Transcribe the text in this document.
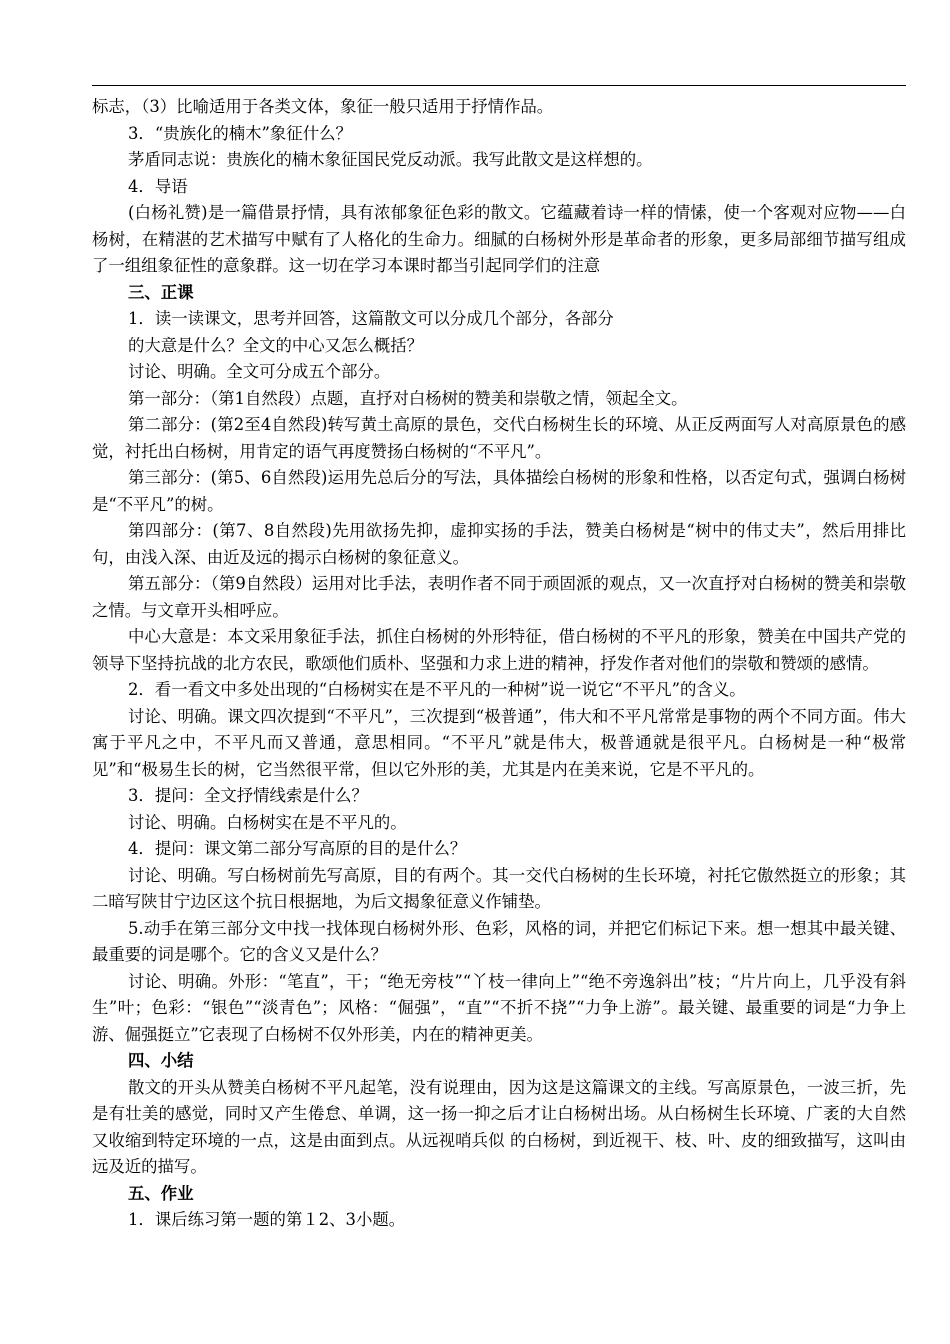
标志，（3）比喻适用于各类文体，象征一般只适用于抒情作品。

3．“贵族化的楠木”象征什么？

茅盾同志说：贵族化的楠木象征国民党反动派。我写此散文是这样想的。

4．导语

(白杨礼赞)是一篇借景抒情，具有浓郁象征色彩的散文。它蕴藏着诗一样的情愫，使一个客观对应物——白杨树，在精湛的艺术描写中赋有了人格化的生命力。细腻的白杨树外形是革命者的形象，更多局部细节描写组成了一组组象征性的意象群。这一切在学习本课时都当引起同学们的注意

三、正课

1．读一读课文，思考并回答，这篇散文可以分成几个部分，各部分

的大意是什么？全文的中心又怎么概括？

讨论、明确。全文可分成五个部分。

第一部分：（第1自然段）点题，直抒对白杨树的赞美和崇敬之情，领起全文。

第二部分：(第2至4自然段)转写黄土高原的景色，交代白杨树生长的环境、从正反两面写人对高原景色的感觉，衬托出白杨树，用肯定的语气再度赞扬白杨树的“不平凡”。

第三部分：(第5、6自然段)运用先总后分的写法，具体描绘白杨树的形象和性格，以否定句式，强调白杨树是“不平凡”的树。

第四部分：(第7、8自然段)先用欲扬先抑，虚抑实扬的手法，赞美白杨树是“树中的伟丈夫”，然后用排比句，由浅入深、由近及远的揭示白杨树的象征意义。

第五部分：（第9自然段）运用对比手法，表明作者不同于顽固派的观点，又一次直抒对白杨树的赞美和崇敬之情。与文章开头相呼应。

中心大意是：本文采用象征手法，抓住白杨树的外形特征，借白杨树的不平凡的形象，赞美在中国共产党的领导下坚持抗战的北方农民，歌颂他们质朴、坚强和力求上进的精神，抒发作者对他们的崇敬和赞颂的感情。

2．看一看文中多处出现的“白杨树实在是不平凡的一种树”说一说它“不平凡”的含义。

讨论、明确。课文四次提到“不平凡”，三次提到“极普通”，伟大和不平凡常常是事物的两个不同方面。伟大寓于平凡之中，不平凡而又普通，意思相同。“不平凡”就是伟大，极普通就是很平凡。白杨树是一种“极常见”和“极易生长的树，它当然很平常，但以它外形的美，尤其是内在美来说，它是不平凡的。

3．提问：全文抒情线索是什么？

讨论、明确。白杨树实在是不平凡的。

4．提问：课文第二部分写高原的目的是什么？

讨论、明确。写白杨树前先写高原，目的有两个。其一交代白杨树的生长环境，衬托它傲然挺立的形象；其二暗写陕甘宁边区这个抗日根据地，为后文揭象征意义作铺垫。

5.动手在第三部分文中找一找体现白杨树外形、色彩，风格的词，并把它们标记下来。想一想其中最关键、最重要的词是哪个。它的含义又是什么？

讨论、明确。外形：“笔直”，干；“绝无旁枝”“丫枝一律向上”“绝不旁逸斜出”枝；“片片向上，几乎没有斜生”叶；色彩：“银色”“淡青色”；风格：“倔强”，“直”“不折不挠”“力争上游”。最关键、最重要的词是“力争上游、倔强挺立”它表现了白杨树不仅外形美，内在的精神更美。

四、小结

散文的开头从赞美白杨树不平凡起笔，没有说理由，因为这是这篇课文的主线。写高原景色，一波三折，先是有壮美的感觉，同时又产生倦怠、单调，这一扬一抑之后才让白杨树出场。从白杨树生长环境、广袤的大自然又收缩到特定环境的一点，这是由面到点。从远视哨兵似 的白杨树，到近视干、枝、叶、皮的细致描写，这叫由远及近的描写。

五、作业

1．课后练习第一题的第１2、3小题。
